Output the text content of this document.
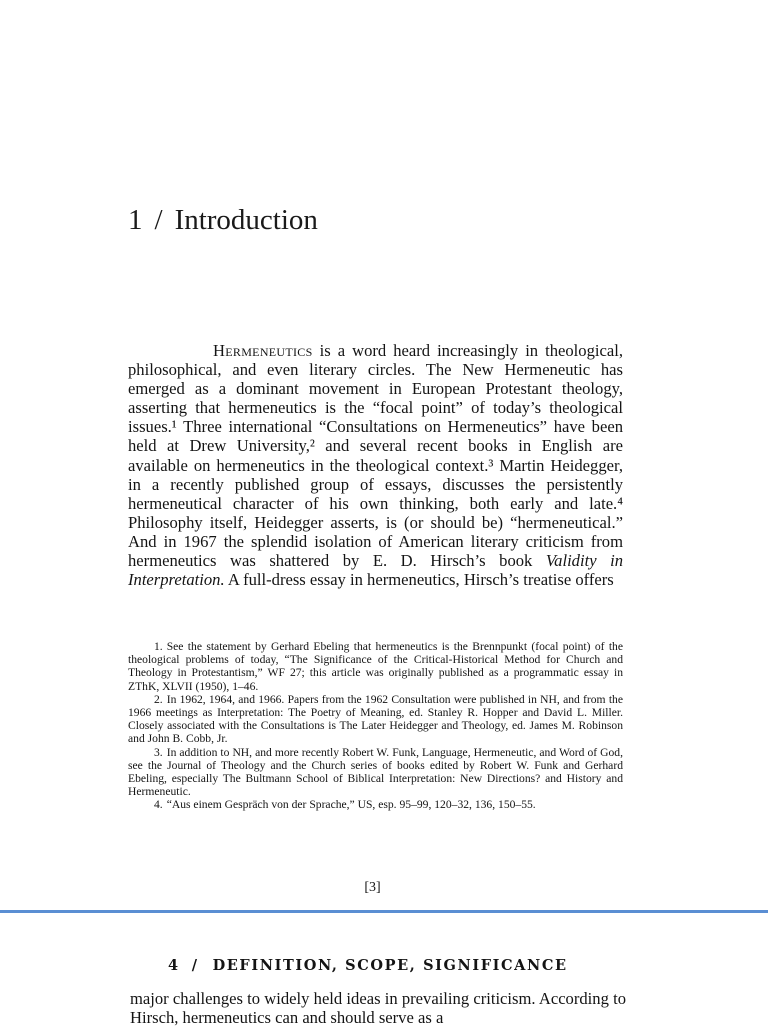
1 / Introduction
Hermeneutics is a word heard increasingly in theological, philosophical, and even literary circles. The New Hermeneutic has emerged as a dominant movement in European Protestant theology, asserting that hermeneutics is the “focal point” of today’s theological issues.¹ Three international “Consultations on Hermeneutics” have been held at Drew University,² and several recent books in English are available on hermeneutics in the theological context.³ Martin Heidegger, in a recently published group of essays, discusses the persistently hermeneutical character of his own thinking, both early and late.⁴ Philosophy itself, Heidegger asserts, is (or should be) “hermeneutical.” And in 1967 the splendid isolation of American literary criticism from hermeneutics was shattered by E. D. Hirsch’s book Validity in Interpretation. A full-dress essay in hermeneutics, Hirsch’s treatise offers

1. See the statement by Gerhard Ebeling that hermeneutics is the Brennpunkt (focal point) of the theological problems of today, “The Significance of the Critical-Historical Method for Church and Theology in Protestantism,” WF 27; this article was originally published as a programmatic essay in ZThK, XLVII (1950), 1–46.

2. In 1962, 1964, and 1966. Papers from the 1962 Consultation were published in NH, and from the 1966 meetings as Interpretation: The Poetry of Meaning, ed. Stanley R. Hopper and David L. Miller. Closely associated with the Consultations is The Later Heidegger and Theology, ed. James M. Robinson and John B. Cobb, Jr.

3. In addition to NH, and more recently Robert W. Funk, Language, Hermeneutic, and Word of God, see the Journal of Theology and the Church series of books edited by Robert W. Funk and Gerhard Ebeling, especially The Bultmann School of Biblical Interpretation: New Directions? and History and Hermeneutic.

4. “Aus einem Gespräch von der Sprache,” US, esp. 95–99, 120–32, 136, 150–55.

[3]
4 / DEFINITION, SCOPE, SIGNIFICANCE
major challenges to widely held ideas in prevailing criticism. According to Hirsch, hermeneutics can and should serve as a
